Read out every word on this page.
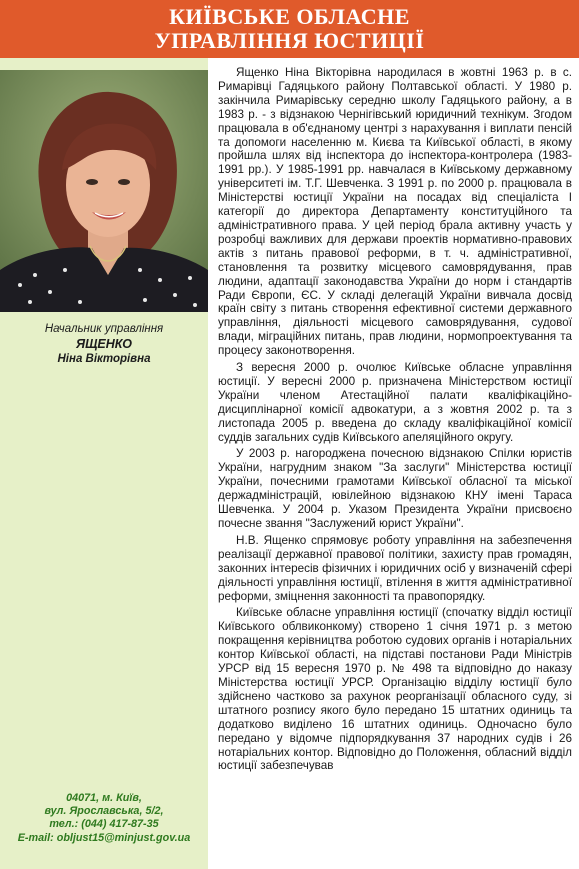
КИЇВСЬКЕ ОБЛАСНЕ
УПРАВЛІННЯ ЮСТИЦІЇ
Начальник управління
ЯЩЕНКО
Ніна Вікторівна
04071, м. Київ,
вул. Ярославська, 5/2,
тел.: (044) 417-87-35
E-mail: obljust15@minjust.gov.ua

Ященко Ніна Вікторівна народилася в жовтні 1963 р. в с. Римарівці Гадяцького району Полтавської області. У 1980 р. закінчила Римарівську середню школу Гадяцького району, а в 1983 р. - з відзнакою Чернігівський юридичний технікум. Згодом працювала в об'єднаному центрі з нарахування і виплати пенсій та допомоги населенню м. Києва та Київської області, в якому пройшла шлях від інспектора до інспектора-контролера (1983-1991 рр.). У 1985-1991 рр. навчалася в Київському державному університеті ім. Т.Г. Шевченка. З 1991 р. по 2000 р. працювала в Міністерстві юстиції України на посадах від спеціаліста І категорії до директора Департаменту конституційного та адміністративного права. У цей період брала активну участь у розробці важливих для держави проектів нормативно-правових актів з питань правової реформи, в т. ч. адміністративної, становлення та розвитку місцевого самоврядування, прав людини, адаптації законодавства України до норм і стандартів Ради Європи, ЄС. У складі делегацій України вивчала досвід країн світу з питань створення ефективної системи державного управління, діяльності місцевого самоврядування, судової влади, міграційних питань, прав людини, нормопроектування та процесу законотворення.

З вересня 2000 р. очолює Київське обласне управління юстиції. У вересні 2000 р. призначена Міністерством юстиції України членом Атестаційної палати кваліфікаційно-дисциплінарної комісії адвокатури, а з жовтня 2002 р. та з листопада 2005 р. введена до складу кваліфікаційної комісії суддів загальних судів Київського апеляційного округу.

У 2003 р. нагороджена почесною відзнакою Спілки юристів України, нагрудним знаком "За заслуги" Міністерства юстиції України, почесними грамотами Київської обласної та міської держадміністрацій, ювілейною відзнакою КНУ імені Тараса Шевченка. У 2004 р. Указом Президента України присвоєно почесне звання "Заслужений юрист України".

Н.В. Ященко спрямовує роботу управління на забезпечення реалізації державної правової політики, захисту прав громадян, законних інтересів фізичних і юридичних осіб у визначеній сфері діяльності управління юстиції, втілення в життя адміністративної реформи, зміцнення законності та правопорядку.

Київське обласне управління юстиції (спочатку відділ юстиції Київського облвиконкому) створено 1 січня 1971 р. з метою покращення керівництва роботою судових органів і нотаріальних контор Київської області, на підставі постанови Ради Міністрів УРСР від 15 вересня 1970 р. № 498 та відповідно до наказу Міністерства юстиції УРСР. Організацію відділу юстиції було здійснено частково за рахунок реорганізації обласного суду, зі штатного розпису якого було передано 15 штатних одиниць та додатково виділено 16 штатних одиниць. Одночасно було передано у відомче підпорядкування 37 народних судів і 26 нотаріальних контор. Відповідно до Положення, обласний відділ юстиції забезпечував
